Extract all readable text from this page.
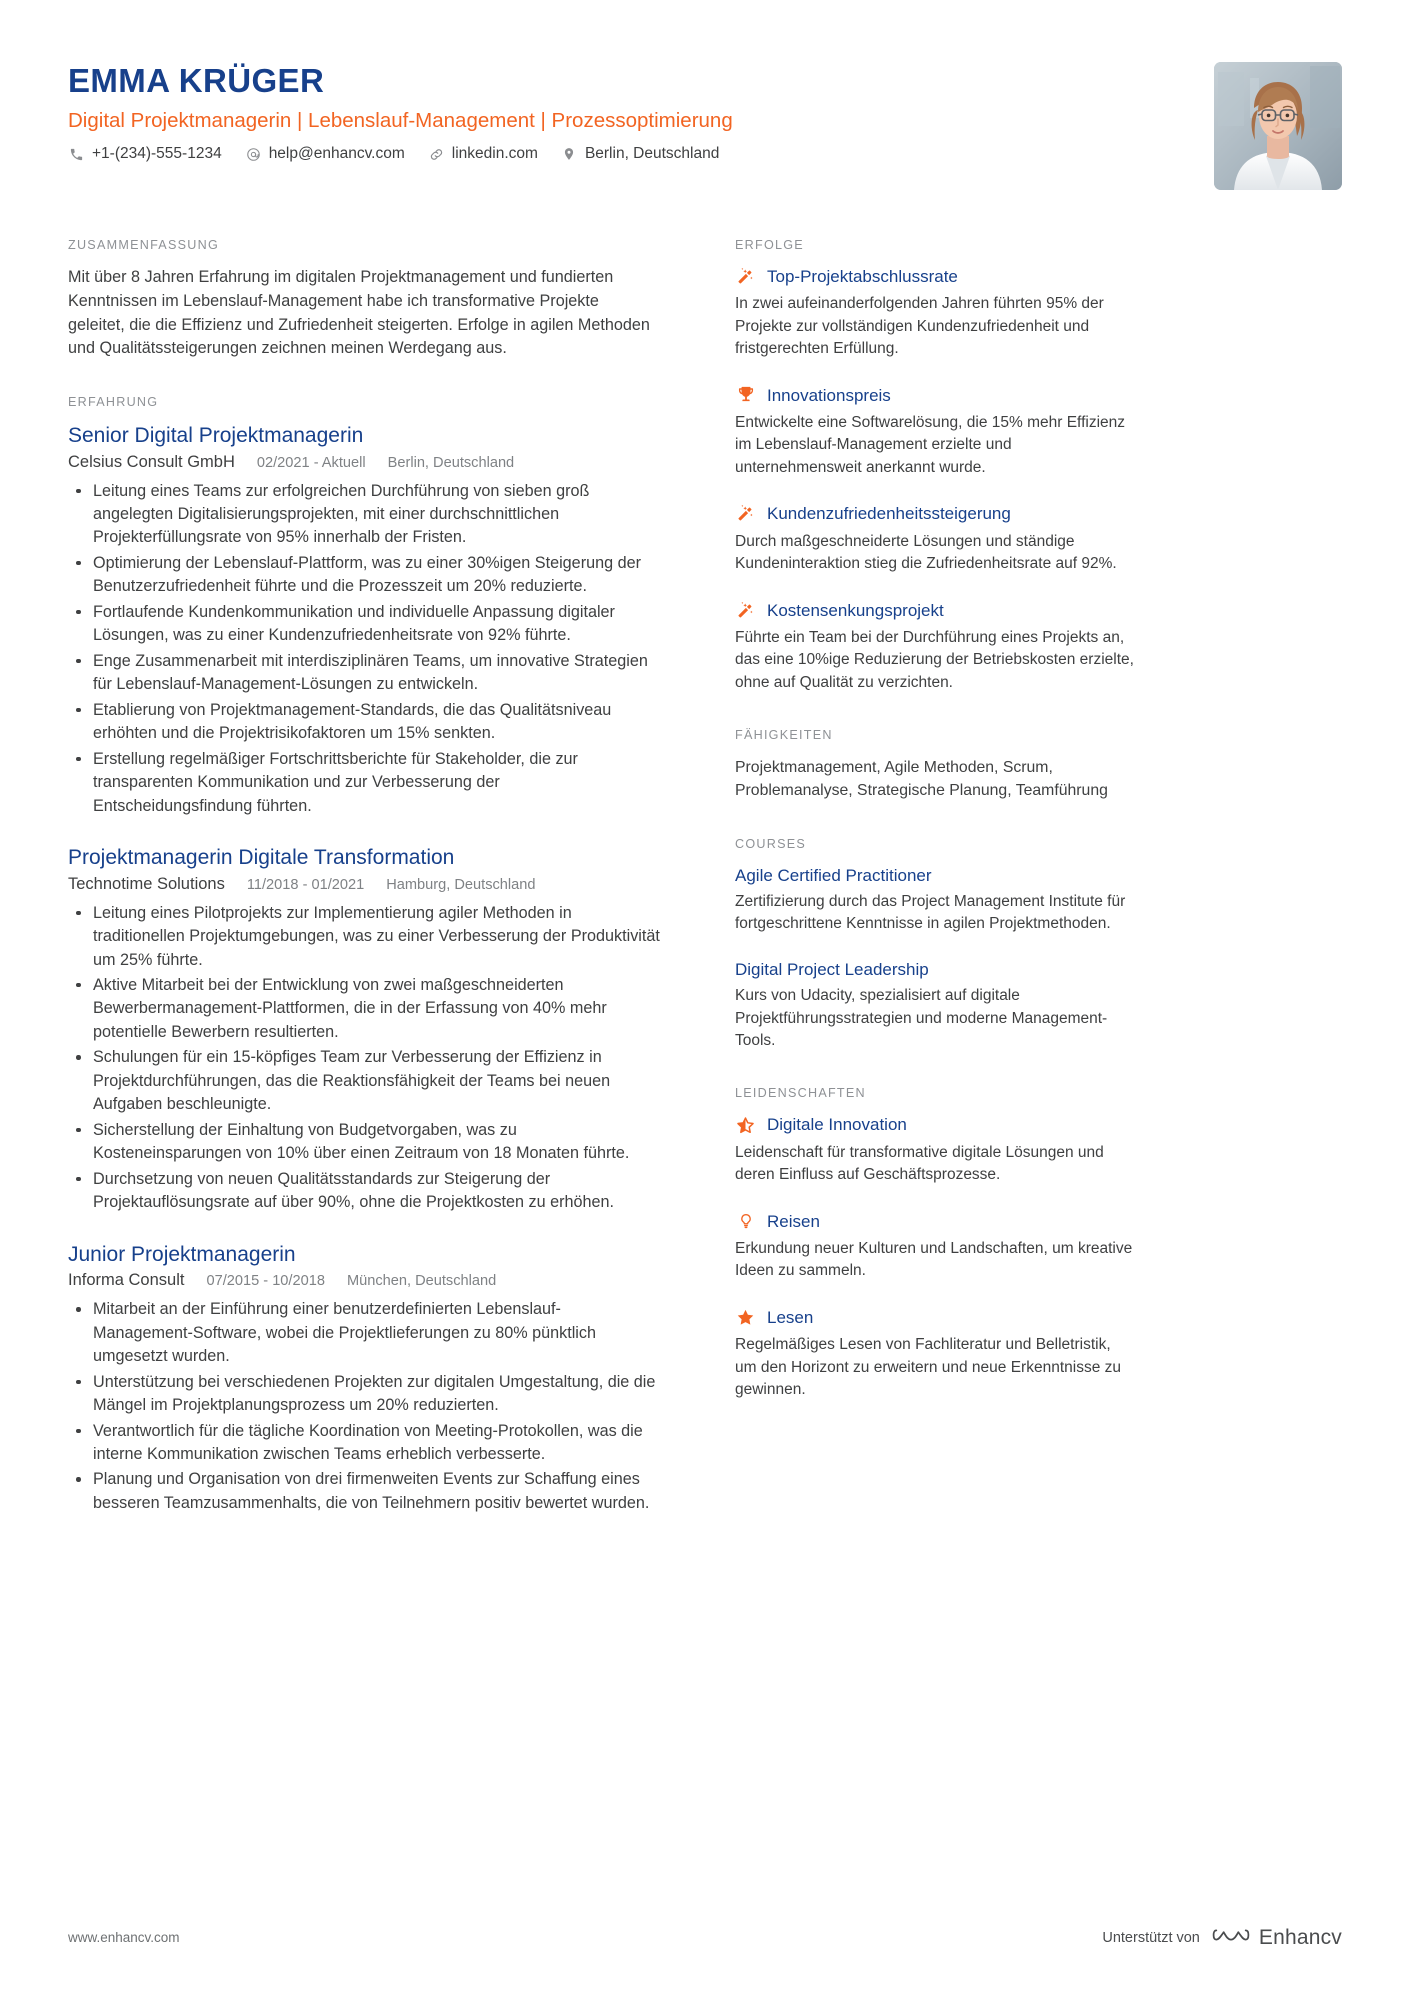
EMMA KRÜGER
Digital Projektmanagerin | Lebenslauf-Management | Prozessoptimierung
+1-(234)-555-1234	help@enhancv.com	linkedin.com	Berlin, Deutschland
ZUSAMMENFASSUNG
Mit über 8 Jahren Erfahrung im digitalen Projektmanagement und fundierten Kenntnissen im Lebenslauf-Management habe ich transformative Projekte geleitet, die die Effizienz und Zufriedenheit steigerten. Erfolge in agilen Methoden und Qualitätssteigerungen zeichnen meinen Werdegang aus.
ERFAHRUNG
Senior Digital Projektmanagerin
Celsius Consult GmbH 02/2021 - Aktuell Berlin, Deutschland
Leitung eines Teams zur erfolgreichen Durchführung von sieben groß angelegten Digitalisierungsprojekten, mit einer durchschnittlichen Projekterfüllungsrate von 95% innerhalb der Fristen.
Optimierung der Lebenslauf-Plattform, was zu einer 30%igen Steigerung der Benutzerzufriedenheit führte und die Prozesszeit um 20% reduzierte.
Fortlaufende Kundenkommunikation und individuelle Anpassung digitaler Lösungen, was zu einer Kundenzufriedenheitsrate von 92% führte.
Enge Zusammenarbeit mit interdisziplinären Teams, um innovative Strategien für Lebenslauf-Management-Lösungen zu entwickeln.
Etablierung von Projektmanagement-Standards, die das Qualitätsniveau erhöhten und die Projektrisikofaktoren um 15% senkten.
Erstellung regelmäßiger Fortschrittsberichte für Stakeholder, die zur transparenten Kommunikation und zur Verbesserung der Entscheidungsfindung führten.
Projektmanagerin Digitale Transformation
Technotime Solutions 11/2018 - 01/2021 Hamburg, Deutschland
Leitung eines Pilotprojekts zur Implementierung agiler Methoden in traditionellen Projektumgebungen, was zu einer Verbesserung der Produktivität um 25% führte.
Aktive Mitarbeit bei der Entwicklung von zwei maßgeschneiderten Bewerbermanagement-Plattformen, die in der Erfassung von 40% mehr potentielle Bewerbern resultierten.
Schulungen für ein 15-köpfiges Team zur Verbesserung der Effizienz in Projektdurchführungen, das die Reaktionsfähigkeit der Teams bei neuen Aufgaben beschleunigte.
Sicherstellung der Einhaltung von Budgetvorgaben, was zu Kosteneinsparungen von 10% über einen Zeitraum von 18 Monaten führte.
Durchsetzung von neuen Qualitätsstandards zur Steigerung der Projektauflösungsrate auf über 90%, ohne die Projektkosten zu erhöhen.
Junior Projektmanagerin
Informa Consult 07/2015 - 10/2018 München, Deutschland
Mitarbeit an der Einführung einer benutzerdefinierten Lebenslauf-Management-Software, wobei die Projektlieferungen zu 80% pünktlich umgesetzt wurden.
Unterstützung bei verschiedenen Projekten zur digitalen Umgestaltung, die die Mängel im Projektplanungsprozess um 20% reduzierten.
Verantwortlich für die tägliche Koordination von Meeting-Protokollen, was die interne Kommunikation zwischen Teams erheblich verbesserte.
Planung und Organisation von drei firmenweiten Events zur Schaffung eines besseren Teamzusammenhalts, die von Teilnehmern positiv bewertet wurden.
ERFOLGE
Top-Projektabschlussrate
In zwei aufeinanderfolgenden Jahren führten 95% der Projekte zur vollständigen Kundenzufriedenheit und fristgerechten Erfüllung.
Innovationspreis
Entwickelte eine Softwarelösung, die 15% mehr Effizienz im Lebenslauf-Management erzielte und unternehmensweit anerkannt wurde.
Kundenzufriedenheitssteigerung
Durch maßgeschneiderte Lösungen und ständige Kundeninteraktion stieg die Zufriedenheitsrate auf 92%.
Kostensenkungsprojekt
Führte ein Team bei der Durchführung eines Projekts an, das eine 10%ige Reduzierung der Betriebskosten erzielte, ohne auf Qualität zu verzichten.
FÄHIGKEITEN
Projektmanagement, Agile Methoden, Scrum, Problemanalyse, Strategische Planung, Teamführung
COURSES
Agile Certified Practitioner
Zertifizierung durch das Project Management Institute für fortgeschrittene Kenntnisse in agilen Projektmethoden.
Digital Project Leadership
Kurs von Udacity, spezialisiert auf digitale Projektführungsstrategien und moderne Management-Tools.
LEIDENSCHAFTEN
Digitale Innovation
Leidenschaft für transformative digitale Lösungen und deren Einfluss auf Geschäftsprozesse.
Reisen
Erkundung neuer Kulturen und Landschaften, um kreative Ideen zu sammeln.
Lesen
Regelmäßiges Lesen von Fachliteratur und Belletristik, um den Horizont zu erweitern und neue Erkenntnisse zu gewinnen.
www.enhancv.com	Unterstützt von	Enhancv
